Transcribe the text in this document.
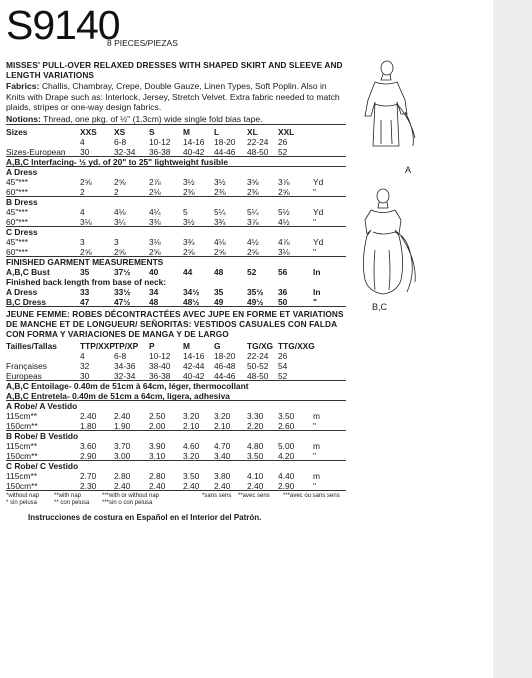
S9140
8 PIECES/PIEZAS
MISSES' PULL-OVER RELAXED DRESSES WITH SHAPED SKIRT AND SLEEVE AND LENGTH VARIATIONS
Fabrics: Challis, Chambray, Crepe, Double Gauze, Linen Types, Soft Poplin. Also in Knits with Drape such as: Interlock, Jersey, Stretch Velvet. Extra fabric needed to match plaids, stripes or one-way design fabrics.
Notions: Thread, one pkg. of ½" (1.3cm) wide single fold bias tape.
Sizes	XXS	XS	S	M	L	XL	XXL
4	6-8	10-12	14-16	18-20	22-24	26
Sizes-European	30	32-34	36-38	40-42	44-46	48-50	52
A,B,C Interfacing- ½ yd. of 20" to 25" lightweight fusible
A Dress
45"***	2⅝	2⅝	2⅞	3½	3½	3⅝	3⅞	Yd
60"***	2	2	2⅛	2⅜	2⅜	2⅜	2⅝	"
B Dress
45"***	4	4⅛	4¼	5	5¼	5¼	5½	Yd
60"***	3⅛	3¼	3⅜	3½	3¾	3⅞	4½	"
C Dress
45"***	3	3	3⅛	3¾	4⅛	4½	4⅞	Yd
60"***	2⅝	2⅝	2⅝	2⅝	2⅝	2⅝	3⅛	"
FINISHED GARMENT MEASUREMENTS
A,B,C Bust	35	37½	40	44	48	52	56	In
Finished back length from base of neck:
A Dress	33	33½	34	34½	35	35½	36	In
B,C Dress	47	47½	48	48½	49	49½	50	"
JEUNE FEMME: ROBES DÉCONTRACTÉES AVEC JUPE EN FORME ET VARIATIONS DE MANCHE ET DE LONGUEUR/ SEÑORITAS: VESTIDOS CASUALES CON FALDA CON FORMA Y VARIACIONES DE MANGA Y DE LARGO
Tailles/Tallas	TTP/XXP TP/XP	P	M	G	TG/XG TTG/XXG
4	6-8	10-12	14-16	18-20	22-24	26
Françaises	32	34-36	38-40	42-44	46-48	50-52	54
Europeas	30	32-34	36-38	40-42	44-46	48-50	52
A,B,C Entoilage- 0.40m de 51cm à 64cm, léger, thermocollant
A,B,C Entretela- 0.40m de 51cm a 64cm, ligera, adhesiva
A Robe/ A Vestido
115cm**	2.40	2.40	2.50	3.20	3.20	3.30	3.50	m
150cm**	1.80	1.90	2.00	2.10	2.10	2.20	2.60	"
B Robe/ B Vestido
115cm**	3.60	3.70	3.90	4.60	4.70	4.80	5.00	m
150cm**	2.90	3.00	3.10	3.20	3.40	3.50	4.20	"
C Robe/ C Vestido
115cm**	2.70	2.80	2.80	3.50	3.80	4.10	4.40	m
150cm**	2.30	2.40	2.40	2.40	2.40	2.40	2.90	"
*without nap	**with nap	***with or without nap	*sans sens	**avec sens	***avec ou sans sens
* sin pelusa	** con pelusa	***sin o con pelusa
Instrucciones de costura en Español en el Interior del Patrón.
A
B,C
